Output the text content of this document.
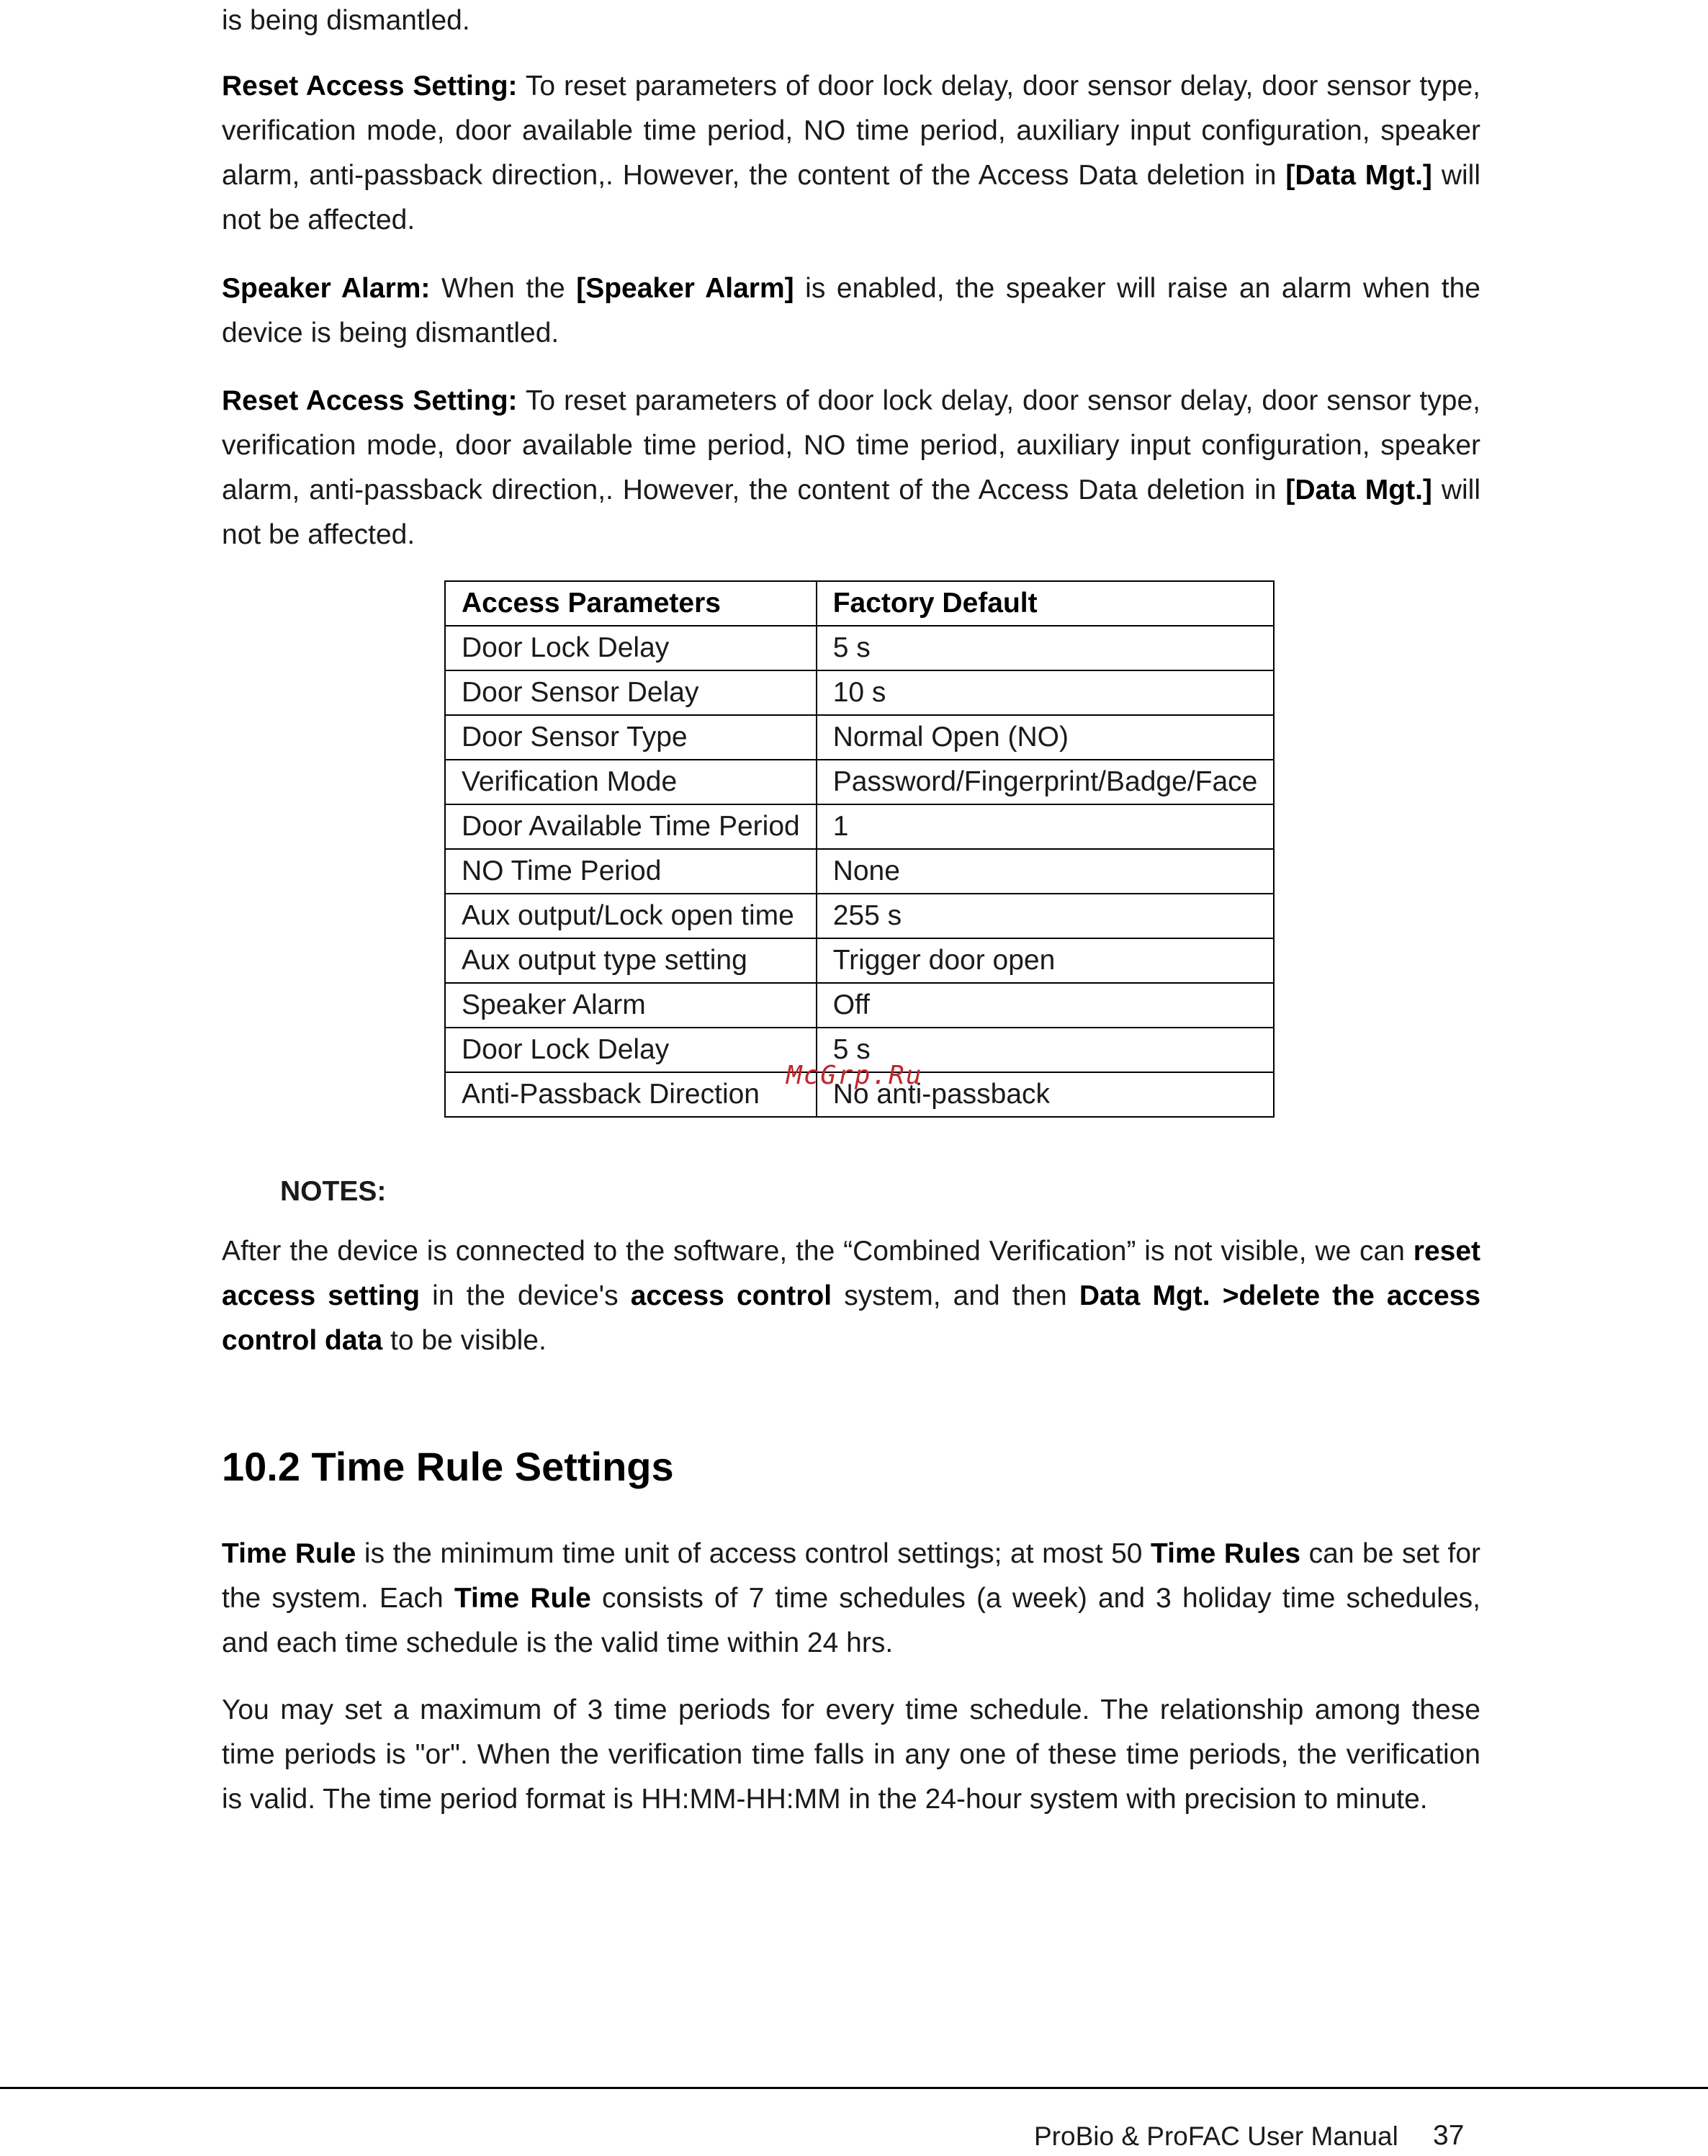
is being dismantled.

Reset Access Setting: To reset parameters of door lock delay, door sensor delay, door sensor type, verification mode, door available time period, NO time period, auxiliary input configuration, speaker alarm, anti-passback direction,. However, the content of the Access Data deletion in [Data Mgt.] will not be affected.

Speaker Alarm: When the [Speaker Alarm] is enabled, the speaker will raise an alarm when the device is being dismantled.

Reset Access Setting: To reset parameters of door lock delay, door sensor delay, door sensor type, verification mode, door available time period, NO time period, auxiliary input configuration, speaker alarm, anti-passback direction,. However, the content of the Access Data deletion in [Data Mgt.] will not be affected.

Access Parameters	Factory Default
Door Lock Delay	5 s
Door Sensor Delay	10 s
Door Sensor Type	Normal Open (NO)
Verification Mode	Password/Fingerprint/Badge/Face
Door Available Time Period	1
NO Time Period	None
Aux output/Lock open time	255 s
Aux output type setting	Trigger door open
Speaker Alarm	Off
Door Lock Delay	5 s
Anti-Passback Direction	No anti-passback
McGrp.Ru

NOTES:

After the device is connected to the software, the “Combined Verification” is not visible, we can reset access setting in the device's access control system, and then Data Mgt. >delete the access control data to be visible.

10.2 Time Rule Settings

Time Rule is the minimum time unit of access control settings; at most 50 Time Rules can be set for the system. Each Time Rule consists of 7 time schedules (a week) and 3 holiday time schedules, and each time schedule is the valid time within 24 hrs.

You may set a maximum of 3 time periods for every time schedule. The relationship among these time periods is "or". When the verification time falls in any one of these time periods, the verification is valid. The time period format is HH:MM-HH:MM in the 24-hour system with precision to minute.

ProBio & ProFAC User Manual 37
